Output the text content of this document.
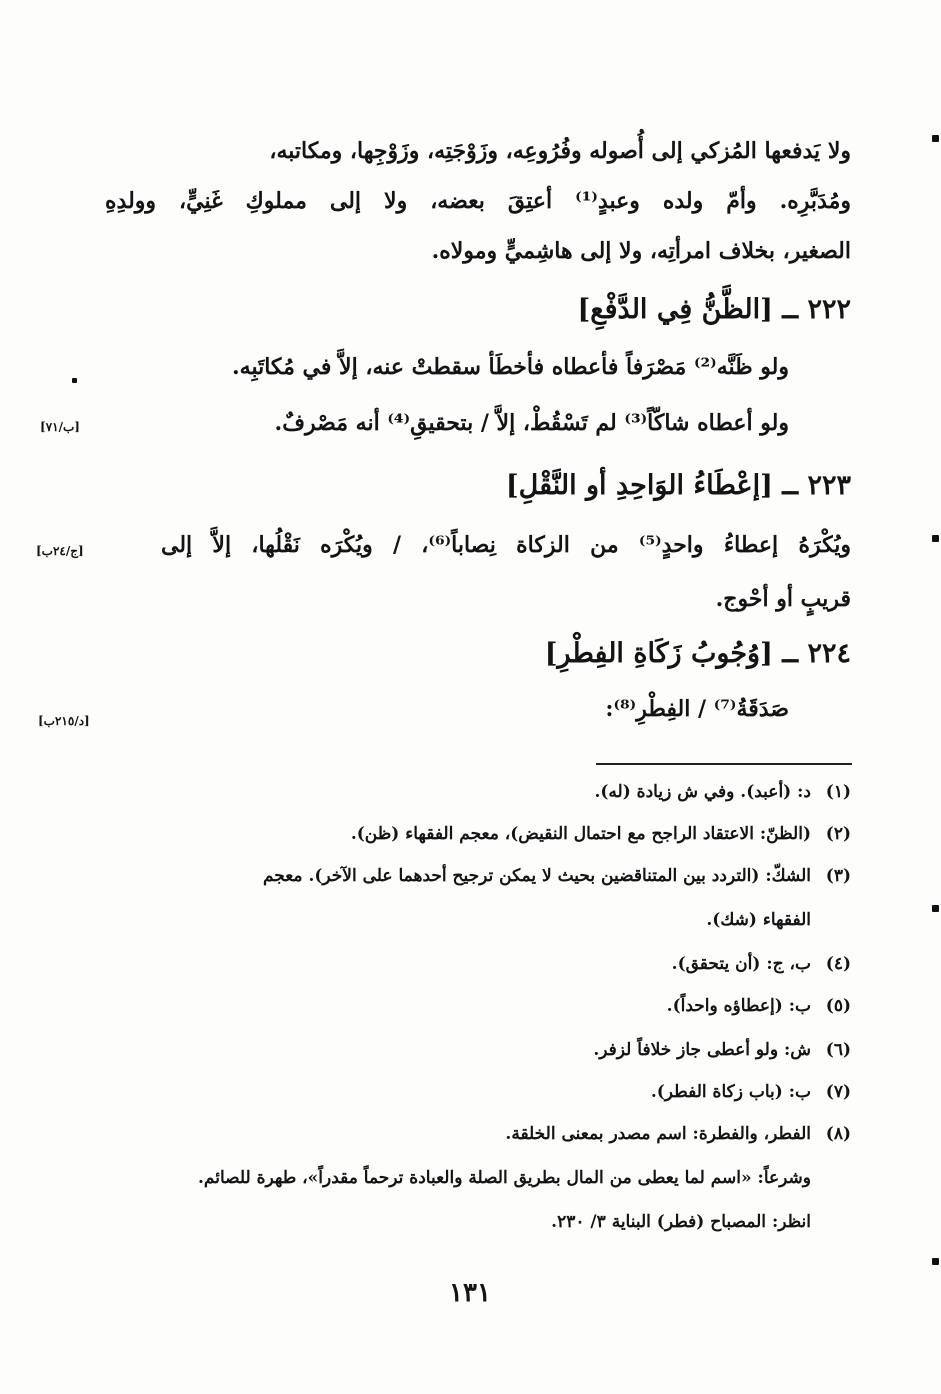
ولا يَدفعها المُزكي إلى أُصوله وفُرُوعِه، وزَوْجَتِه، وزَوْجِها، ومكاتبه،
ومُدَبَّرِه. وأمّ ولده وعبدٍ⁽¹⁾ أعتِقَ بعضه، ولا إلى مملوكِ غَنِيٍّ، وولدِهِ
الصغير، بخلاف امرأتِه، ولا إلى هاشِميٍّ ومولاه.
٢٢٢ ــ [الظَّنُّ فِي الدَّفْعِ]
ولو ظَنَّه⁽²⁾ مَصْرَفاً فأعطاه فأخطَأ سقطتْ عنه، إلاَّ في مُكاتَبِه.
ولو أعطاه شاكّاً⁽³⁾ لم تَسْقُطْ، إلاَّ / بتحقيقِ⁽⁴⁾ أنه مَصْرفٌ.
[ب/٧١]
٢٢٣ ــ [إعْطَاءُ الوَاحِدِ أو النَّقْلِ]
ويُكْرَهُ إعطاءُ واحدٍ⁽⁵⁾ من الزكاة نِصاباً⁽⁶⁾، / ويُكْرَه نَقْلُها، إلاَّ إلى
[ج/٢٤ب]
قريبٍ أو أحْوج.
٢٢٤ ــ [وُجُوبُ زَكَاةِ الفِطْرِ]
صَدَقَةُ⁽⁷⁾ / الفِطْرِ⁽⁸⁾:
[د/٢١٥ب]
(١)د: (أعبد). وفي ش زيادة (له).
(٢)(الظنّ: الاعتقاد الراجح مع احتمال النقيض)، معجم الفقهاء (ظن).
(٣)الشكّ: (التردد بين المتناقضين بحيث لا يمكن ترجيح أحدهما على الآخر). معجم
الفقهاء (شك).
(٤)ب، ج: (أن يتحقق).
(٥)ب: (إعطاؤه واحداً).
(٦)ش: ولو أعطى جاز خلافاً لزفر.
(٧)ب: (باب زكاة الفطر).
(٨)الفطر، والفطرة: اسم مصدر بمعنى الخلقة.
وشرعاً: «اسم لما يعطى من المال بطريق الصلة والعبادة ترحماً مقدراً»، طهرة للصائم.
انظر: المصباح (فطر) البناية ٣/ ٢٣٠.
١٣١
